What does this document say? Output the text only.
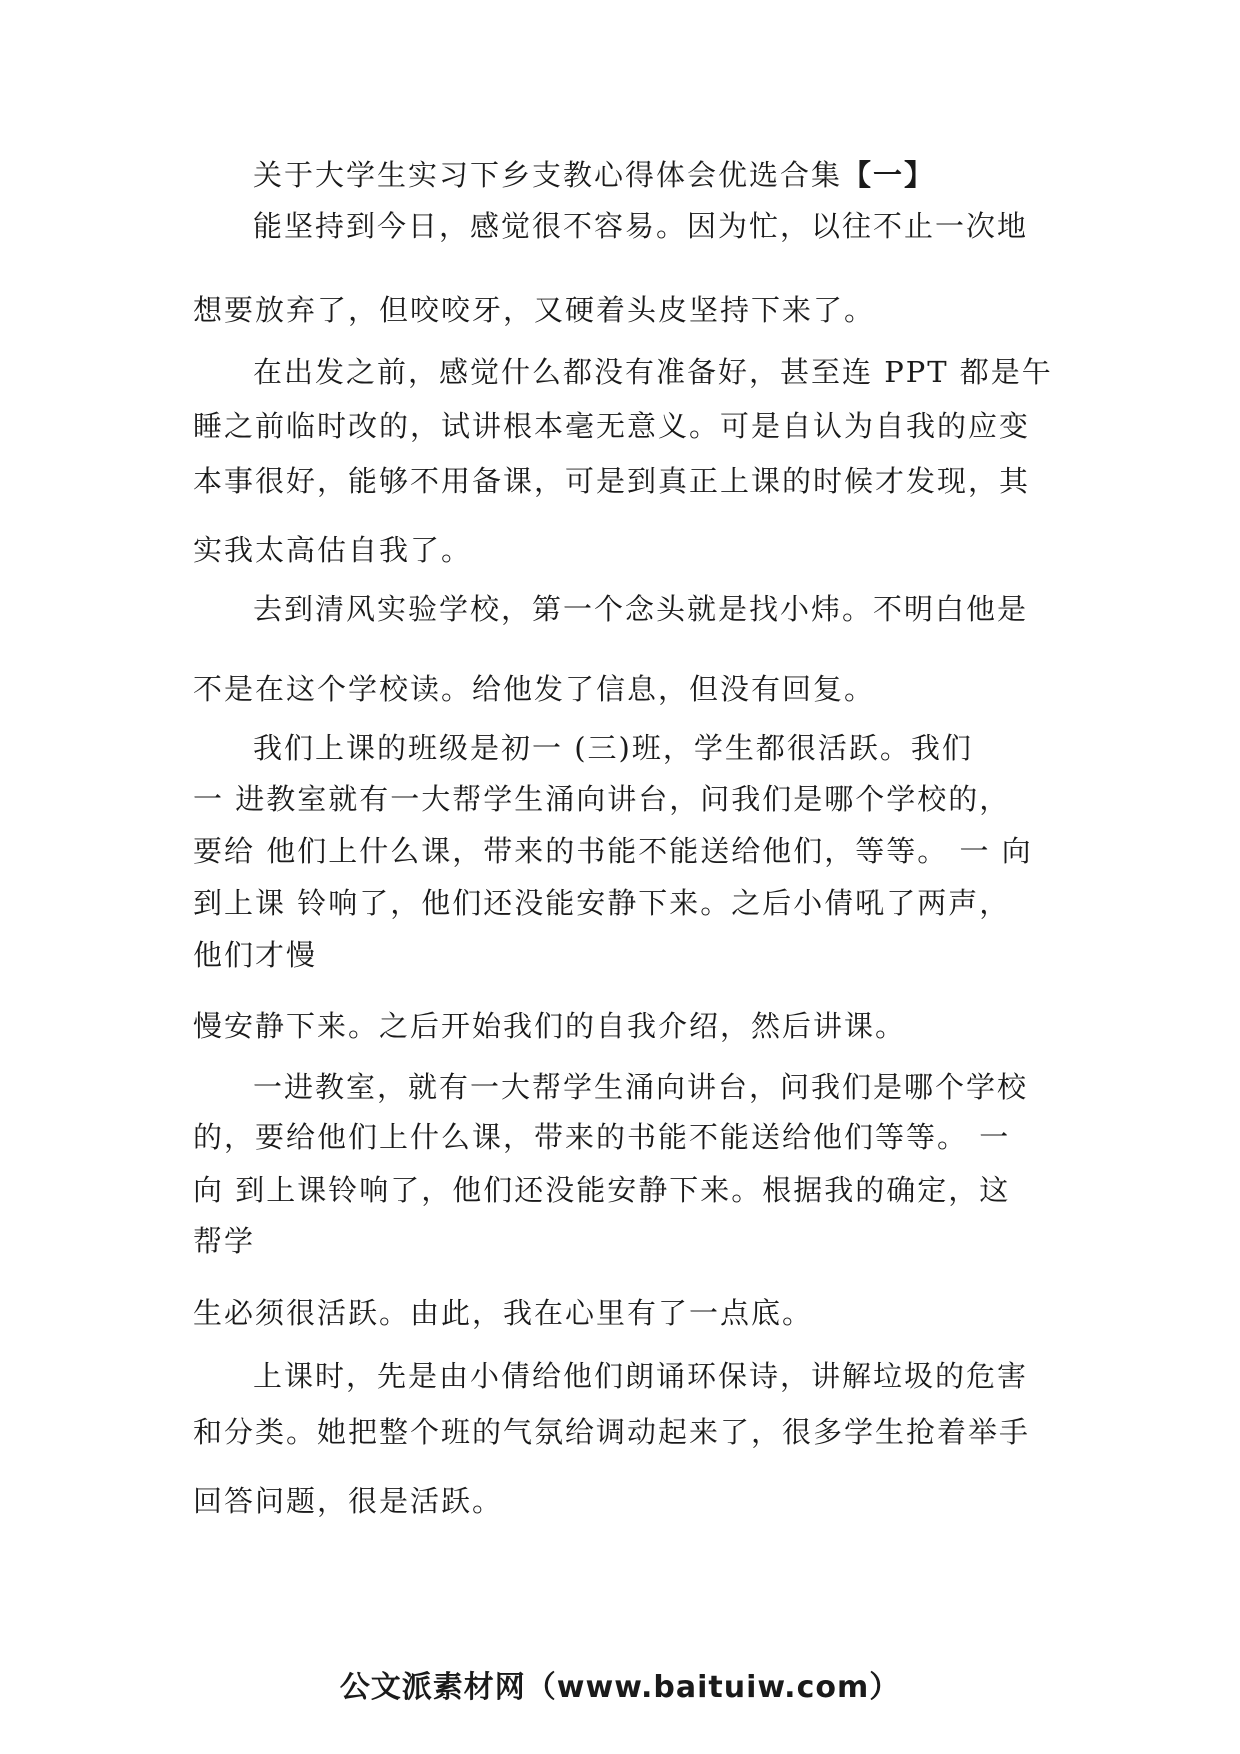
关于大学生实习下乡支教心得体会优选合集【一】
能坚持到今日，感觉很不容易。因为忙，以往不止一次地
想要放弃了，但咬咬牙，又硬着头皮坚持下来了。
在出发之前，感觉什么都没有准备好，甚至连 PPT 都是午
睡之前临时改的，试讲根本毫无意义。可是自认为自我的应变
本事很好，能够不用备课，可是到真正上课的时候才发现，其
实我太高估自我了。
去到清风实验学校，第一个念头就是找小炜。不明白他是
不是在这个学校读。给他发了信息，但没有回复。
我们上课的班级是初一 (三)班，学生都很活跃。我们
一 进教室就有一大帮学生涌向讲台，问我们是哪个学校的，
要给 他们上什么课，带来的书能不能送给他们，等等。 一 向
到上课 铃响了，他们还没能安静下来。之后小倩吼了两声，
他们才慢
慢安静下来。之后开始我们的自我介绍，然后讲课。
一进教室，就有一大帮学生涌向讲台，问我们是哪个学校
的，要给他们上什么课，带来的书能不能送给他们等等。 一
向 到上课铃响了，他们还没能安静下来。根据我的确定，这
帮学
生必须很活跃。由此，我在心里有了一点底。
上课时，先是由小倩给他们朗诵环保诗，讲解垃圾的危害
和分类。她把整个班的气氛给调动起来了，很多学生抢着举手
回答问题，很是活跃。
公文派素材网（www.baituiw.com）
